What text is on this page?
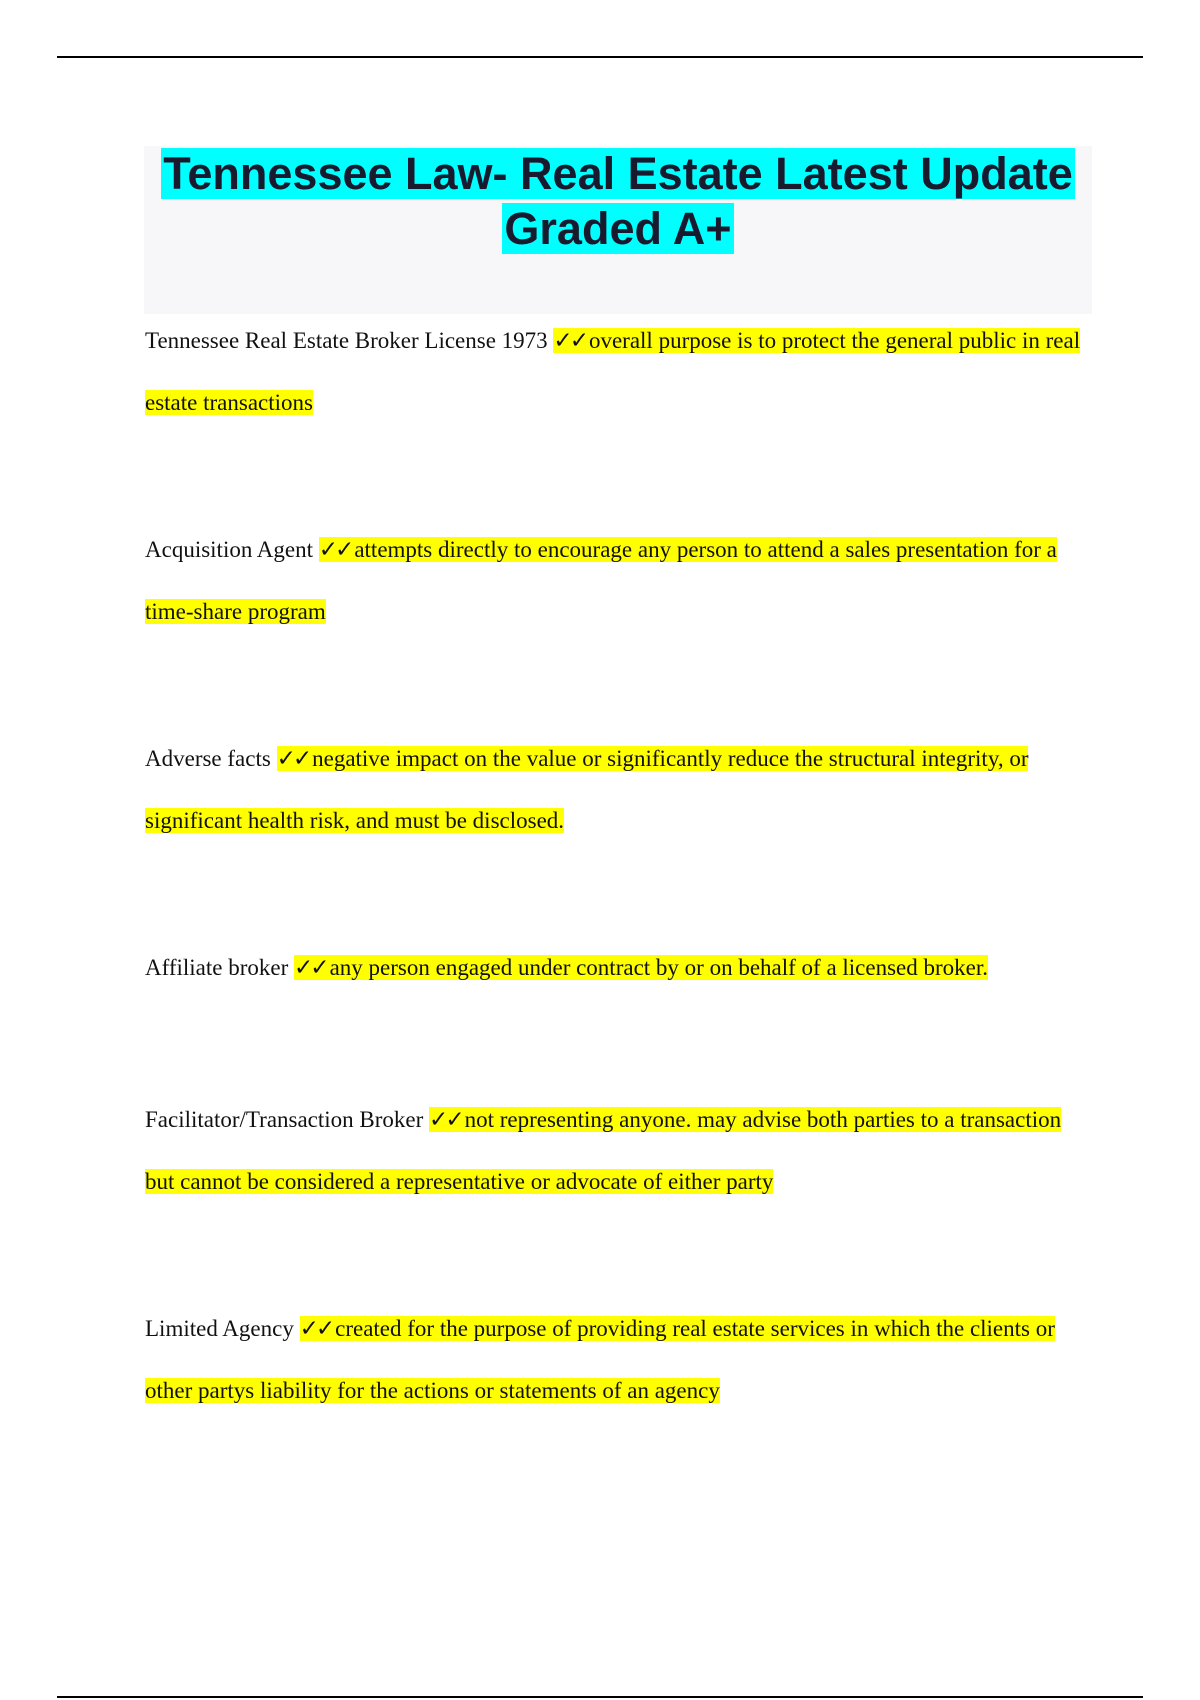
Tennessee Law- Real Estate Latest Update Graded A+

Tennessee Real Estate Broker License 1973 ✓✓ overall purpose is to protect the general public in real estate transactions

Acquisition Agent ✓✓ attempts directly to encourage any person to attend a sales presentation for a time-share program

Adverse facts ✓✓ negative impact on the value or significantly reduce the structural integrity, or significant health risk, and must be disclosed.

Affiliate broker ✓✓ any person engaged under contract by or on behalf of a licensed broker.

Facilitator/Transaction Broker ✓✓ not representing anyone. may advise both parties to a transaction but cannot be considered a representative or advocate of either party

Limited Agency ✓✓ created for the purpose of providing real estate services in which the clients or other partys liability for the actions or statements of an agency
